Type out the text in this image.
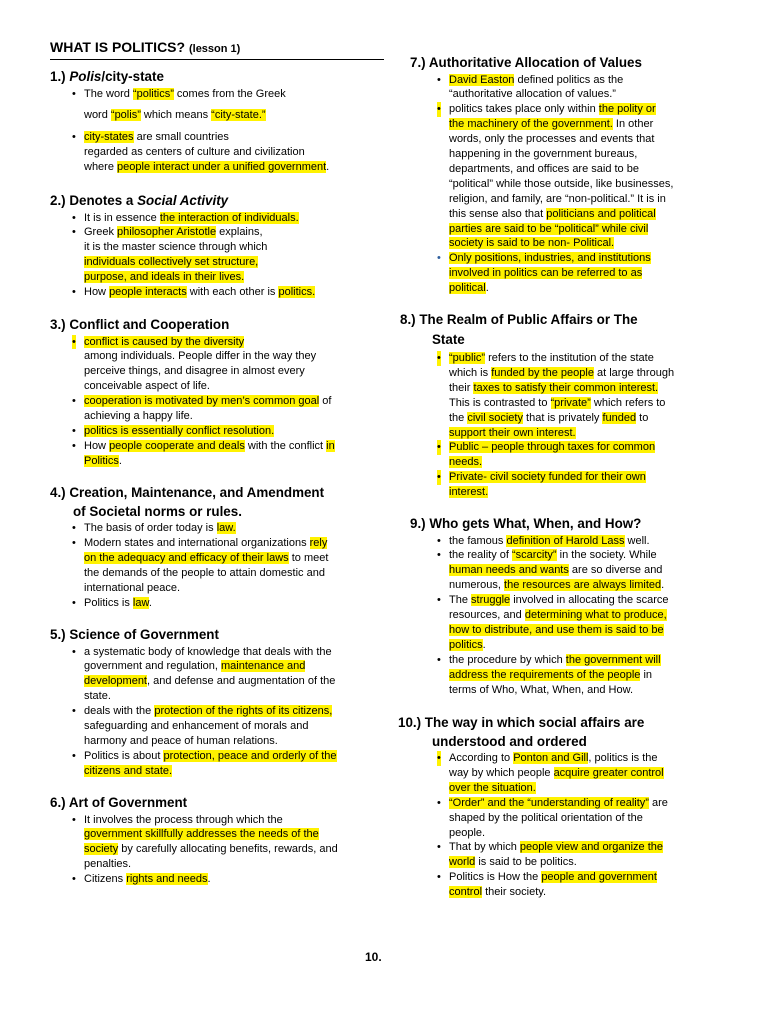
WHAT IS POLITICS? (lesson 1)
1.) Polis/city-state
• The word “politics” comes from the Greek

word “polis” which means “city-state.”
• city-states are small countries
regarded as centers of culture and civilization
where people interact under a unified government.
2.) Denotes a Social Activity
• It is in essence the interaction of individuals.
• Greek philosopher Aristotle explains,
it is the master science through which
individuals collectively set structure,
purpose, and ideals in their lives.
• How people interacts with each other is politics.
3.) Conflict and Cooperation
• conflict is caused by the diversity
among individuals. People differ in the way they
perceive things, and disagree in almost every
conceivable aspect of life.
• cooperation is motivated by men’s common goal of
achieving a happy life.
• politics is essentially conflict resolution.
• How people cooperate and deals with the conflict in
Politics.
4.) Creation, Maintenance, and Amendment
of Societal norms or rules.
• The basis of order today is law.
• Modern states and international organizations rely
on the adequacy and efficacy of their laws to meet
the demands of the people to attain domestic and
international peace.
• Politics is law.
5.) Science of Government
• a systematic body of knowledge that deals with the
government and regulation, maintenance and
development, and defense and augmentation of the
state.
• deals with the protection of the rights of its citizens,
safeguarding and enhancement of morals and
harmony and peace of human relations.
• Politics is about protection, peace and orderly of the
citizens and state.
6.) Art of Government
• It involves the process through which the
government skillfully addresses the needs of the
society by carefully allocating benefits, rewards, and
penalties.
• Citizens rights and needs.
7.) Authoritative Allocation of Values
• David Easton defined politics as the
“authoritative allocation of values.”
• politics takes place only within the polity or
the machinery of the government. In other
words, only the processes and events that
happening in the government bureaus,
departments, and offices are said to be
“political” while those outside, like businesses,
religion, and family, are “non-political.” It is in
this sense also that politicians and political
parties are said to be “political” while civil
society is said to be non- Political.
• Only positions, industries, and institutions
involved in politics can be referred to as
political.
8.) The Realm of Public Affairs or The
State
• “public” refers to the institution of the state
which is funded by the people at large through
their taxes to satisfy their common interest.
This is contrasted to “private” which refers to
the civil society that is privately funded to
support their own interest.
• Public – people through taxes for common
needs.
• Private- civil society funded for their own
interest.
9.) Who gets What, When, and How?
• the famous definition of Harold Lass well.
• the reality of “scarcity” in the society. While
human needs and wants are so diverse and
numerous, the resources are always limited.
• The struggle involved in allocating the scarce
resources, and determining what to produce,
how to distribute, and use them is said to be
politics.
• the procedure by which the government will
address the requirements of the people in
terms of Who, What, When, and How.
10.) The way in which social affairs are
understood and ordered
• According to Ponton and Gill, politics is the
way by which people acquire greater control
over the situation.
• “Order” and the “understanding of reality” are
shaped by the political orientation of the
people.
• That by which people view and organize the
world is said to be politics.
• Politics is How the people and government
control their society.
10.
